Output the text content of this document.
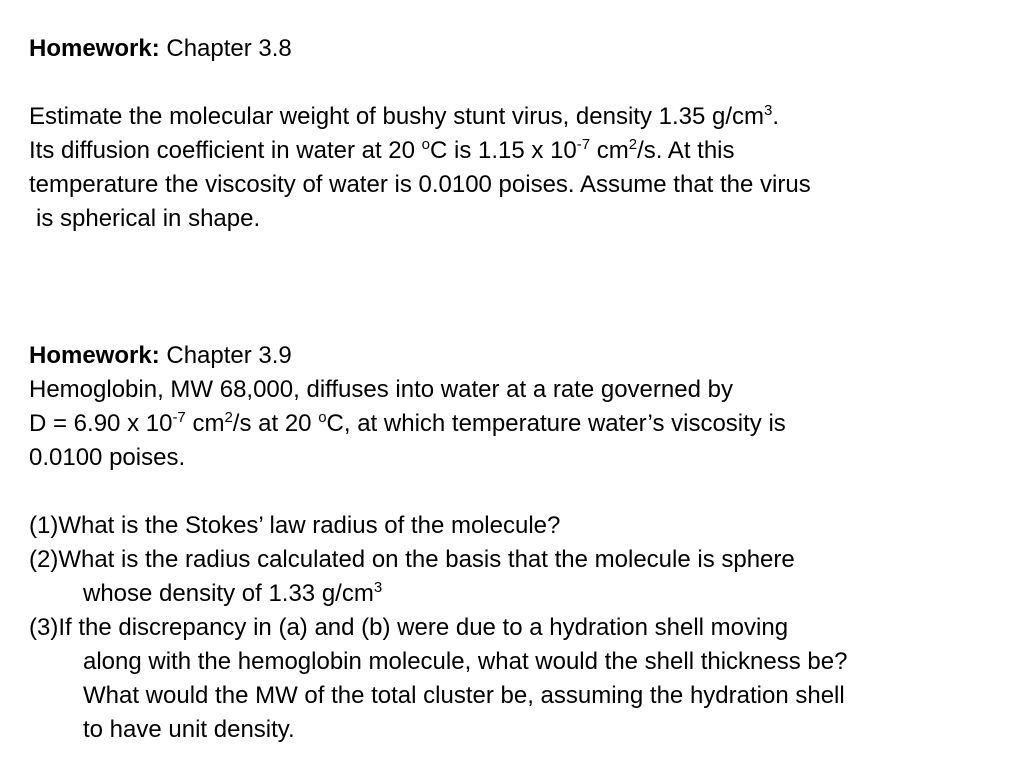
Homework: Chapter 3.8
Estimate the molecular weight of bushy stunt virus, density 1.35 $g/cm^3$.
Its diffusion coefficient in water at 20 $^o$C is 1.15 x $10^{-7}$ $cm^2/s$. At this
temperature the viscosity of water is 0.0100 poises. Assume that the virus
is spherical in shape.
Homework: Chapter 3.9
Hemoglobin, MW 68,000, diffuses into water at a rate governed by
D = 6.90 x $10^{-7}$ $cm^2/s$ at 20 $^o$C, at which temperature water’s viscosity is
0.0100 poises.
(1)What is the Stokes’ law radius of the molecule?
(2)What is the radius calculated on the basis that the molecule is sphere
whose density of 1.33 $g/cm^3$
(3)If the discrepancy in (a) and (b) were due to a hydration shell moving
along with the hemoglobin molecule, what would the shell thickness be?
What would the MW of the total cluster be, assuming the hydration shell
to have unit density.
